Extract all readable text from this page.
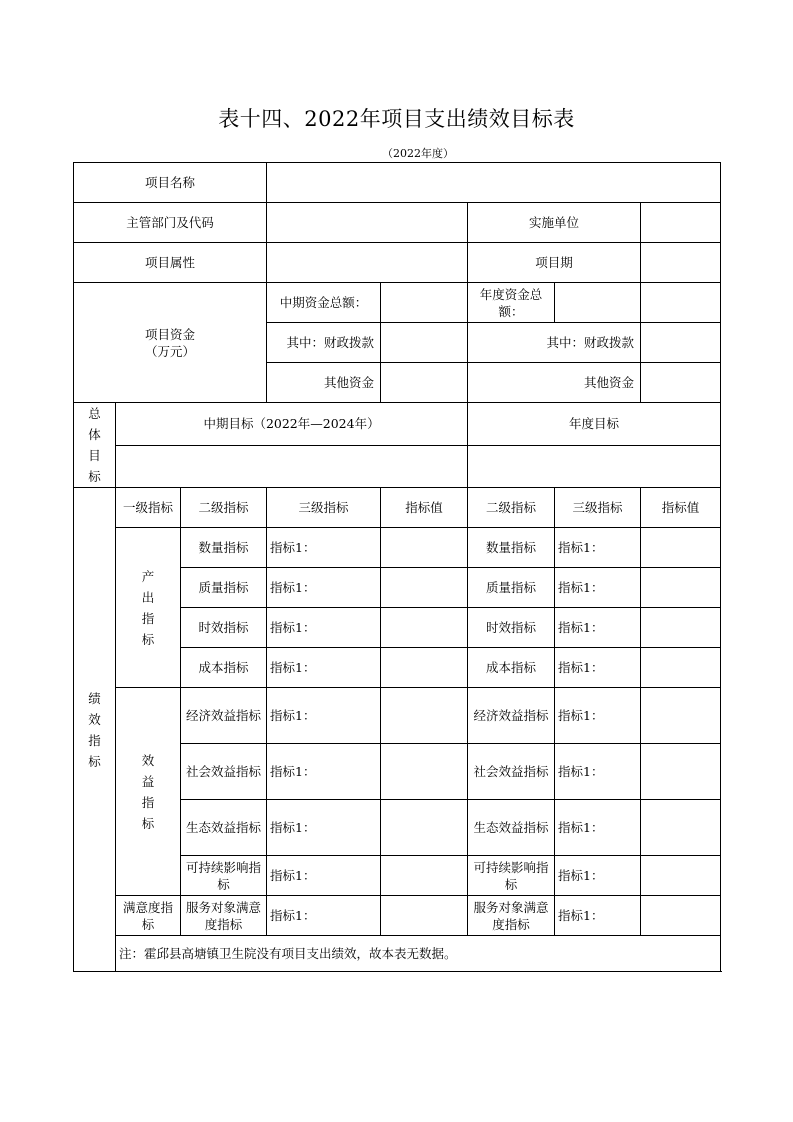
表十四、2022年项目支出绩效目标表
（2022年度）
项目名称							
主管部门及代码					实施单位		
项目属性					项目期		

项目资金
（万元）			中期资金总额：		年度资金总额：		
			其中：财政拨款		其中：财政拨款		
			其他资金		其他资金		

总体目标	中期目标（2022年—2024年）				年度目标		

绩效指标	一级指标	二级指标	三级指标	指标值	二级指标	三级指标	指标值

	产出指标	数量指标	指标1：		数量指标	指标1：	
		质量指标	指标1：		质量指标	指标1：	
		时效指标	指标1：		时效指标	指标1：	
		成本指标	指标1：		成本指标	指标1：	

	效益指标	经济效益指标	指标1：		经济效益指标	指标1：	
		社会效益指标	指标1：		社会效益指标	指标1：	
		生态效益指标	指标1：		生态效益指标	指标1：	
		可持续影响指标	指标1：		可持续影响指标	指标1：	
	满意度指标	服务对象满意度指标	指标1：		服务对象满意度指标	指标1：	
	注：霍邱县高塘镇卫生院没有项目支出绩效，故本表无数据。						
